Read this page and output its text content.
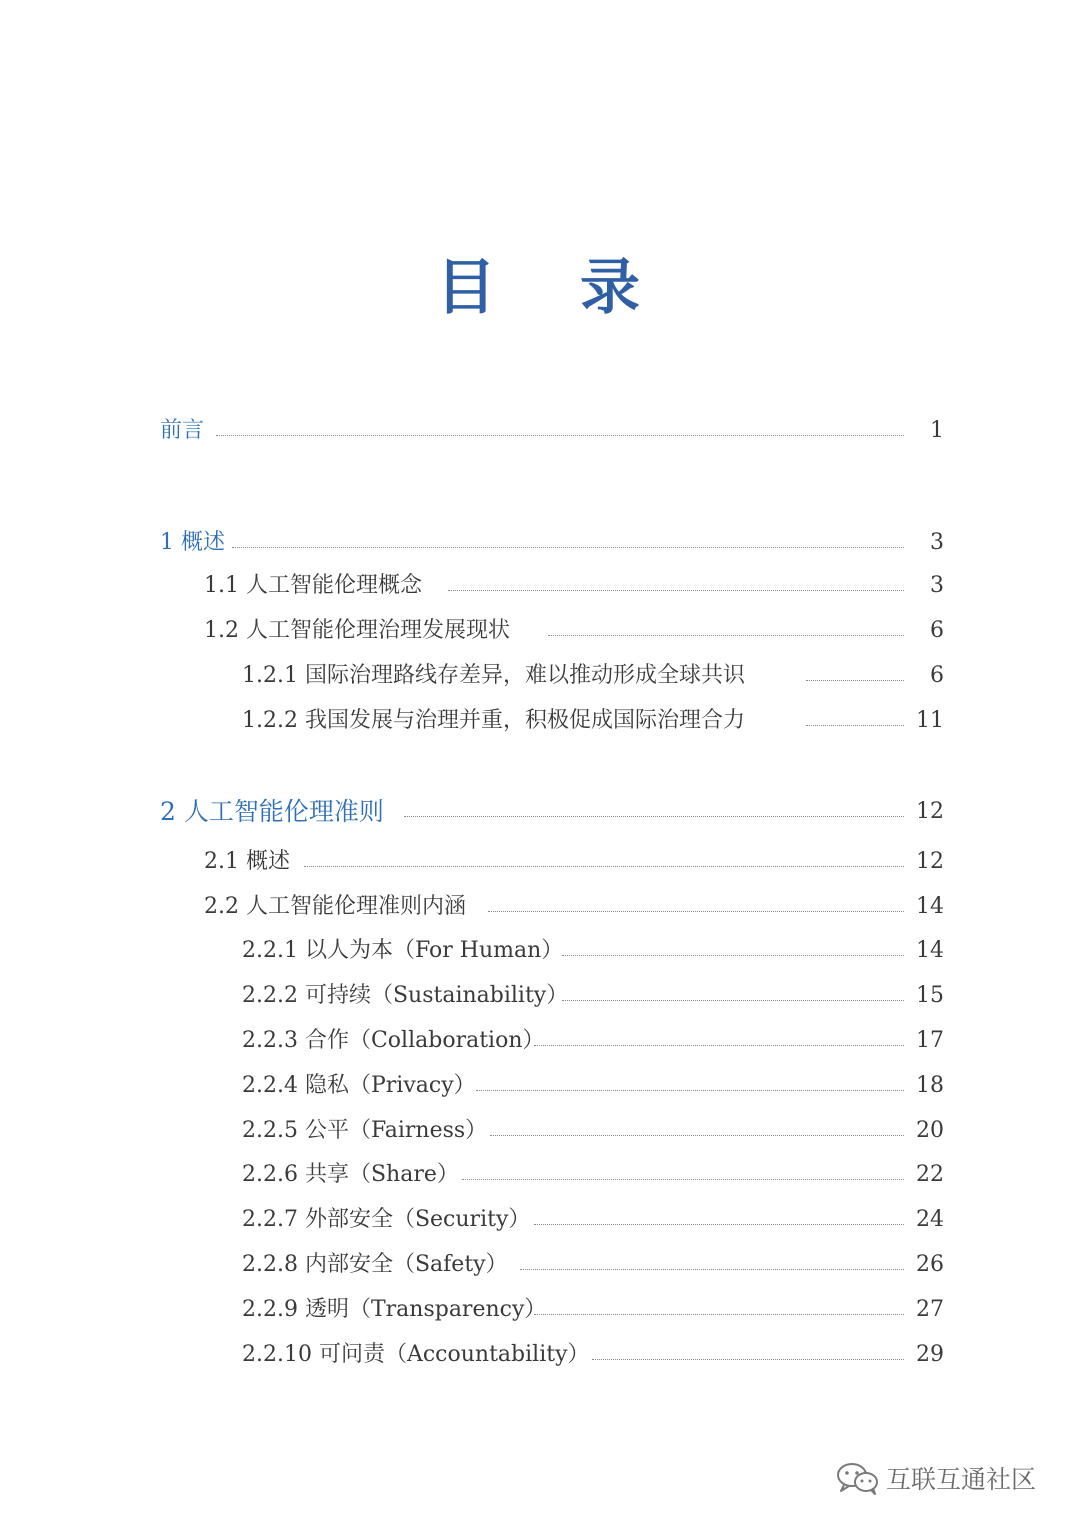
目 录
前言	1
1 概述	3
1.1 人工智能伦理概念	3
1.2 人工智能伦理治理发展现状	6
1.2.1 国际治理路线存差异，难以推动形成全球共识	6
1.2.2 我国发展与治理并重，积极促成国际治理合力	11
2 人工智能伦理准则	12
2.1 概述	12
2.2 人工智能伦理准则内涵	14
2.2.1 以人为本（For Human）	14
2.2.2 可持续（Sustainability）	15
2.2.3 合作（Collaboration）	17
2.2.4 隐私（Privacy）	18
2.2.5 公平（Fairness）	20
2.2.6 共享（Share）	22
2.2.7 外部安全（Security）	24
2.2.8 内部安全（Safety）	26
2.2.9 透明（Transparency）	27
2.2.10 可问责（Accountability）	29
互联互通社区
